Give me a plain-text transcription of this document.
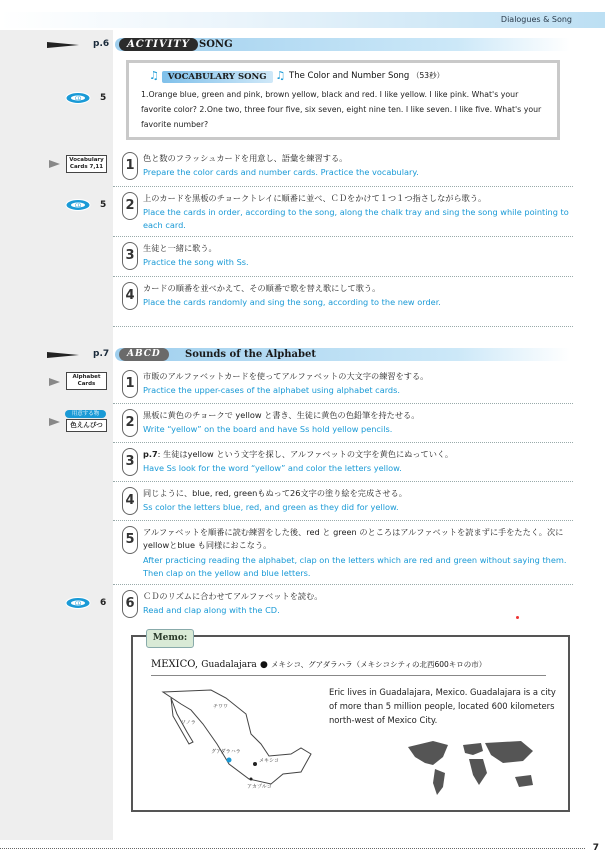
Dialogues & Song
p.6	ACTIVITY SONG
♫ VOCABULARY SONG ♫ The Color and Number Song （53秒）
1.Orange blue, green and pink, brown yellow, black and red. I like yellow. I like pink. What's your favorite color? 2.One two, three four five, six seven, eight nine ten. I like seven. I like five. What's your favorite number?
CD 5
Vocabulary Cards 7,11
CD 5
1	色と数のフラッシュカードを用意し、語彙を練習する。
Prepare the color cards and number cards. Practice the vocabulary.
2	上のカードを黒板のチョークトレイに順番に並べ、ＣＤをかけて１つ１つ指さしながら歌う。
Place the cards in order, according to the song, along the chalk tray and sing the song while pointing to each card.
3	生徒と一緒に歌う。
Practice the song with Ss.
4	カードの順番を並べかえて、その順番で歌を替え歌にして歌う。
Place the cards randomly and sing the song, according to the new order.
p.7	ABCD	Sounds of the Alphabet
Alphabet Cards
用意する物
色えんぴつ
1	市販のアルファベットカードを使ってアルファベットの大文字の練習をする。
Practice the upper-cases of the alphabet using alphabet cards.
2	黒板に黄色のチョークで yellow と書き、生徒に黄色の色鉛筆を持たせる。
Write “yellow” on the board and have Ss hold yellow pencils.
3	p.7: 生徒はyellow という文字を探し、アルファベットの文字を黄色にぬっていく。
Have Ss look for the word “yellow” and color the letters yellow.
4	同じように、blue, red, greenもぬって26文字の塗り絵を完成させる。
Ss color the letters blue, red, and green as they did for yellow.
5	アルファベットを順番に読む練習をした後、red と green のところはアルファベットを読まずに手をたたく。次に yellowとblue も同様におこなう。
After practicing reading the alphabet, clap on the letters which are red and green without saying them. Then clap on the yellow and blue letters.
CD 6 6	ＣＤのリズムに合わせてアルファベットを読む。
Read and clap along with the CD.
Memo:
MEXICO, Guadalajara ● メキシコ、グアダラハラ（メキシコシティの北西600キロの市）
グアダラハラ
メキシコ
アカプルコ
チワワ
ソノラ
Eric lives in Guadalajara, Mexico. Guadalajara is a city of more than 5 million people, located 600 kilometers north-west of Mexico City.
7
